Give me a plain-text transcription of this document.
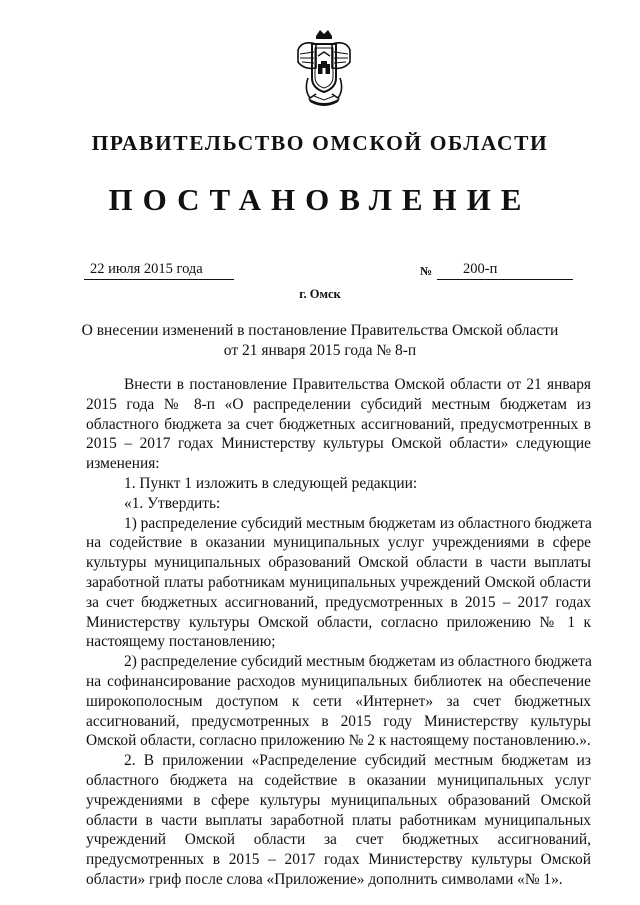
ПРАВИТЕЛЬСТВО ОМСКОЙ ОБЛАСТИ
ПОСТАНОВЛЕНИЕ
22 июля 2015 года	№ 200-п
г. Омск
О внесении изменений в постановление Правительства Омской области
от 21 января 2015 года № 8-п
Внести в постановление Правительства Омской области от 21 января
2015 года № 8-п «О распределении субсидий местным бюджетам из
областного бюджета за счет бюджетных ассигнований, предусмотренных в
2015 – 2017 годах Министерству культуры Омской области» следующие
изменения:
1. Пункт 1 изложить в следующей редакции:
«1. Утвердить:
1) распределение субсидий местным бюджетам из областного бюджета
на содействие в оказании муниципальных услуг учреждениями в сфере
культуры муниципальных образований Омской области в части выплаты
заработной платы работникам муниципальных учреждений Омской области
за счет бюджетных ассигнований, предусмотренных в 2015 – 2017 годах
Министерству культуры Омской области, согласно приложению № 1 к
настоящему постановлению;
2) распределение субсидий местным бюджетам из областного бюджета
на софинансирование расходов муниципальных библиотек на обеспечение
широкополосным доступом к сети «Интернет» за счет бюджетных
ассигнований, предусмотренных в 2015 году Министерству культуры
Омской области, согласно приложению № 2 к настоящему постановлению.».
2. В приложении «Распределение субсидий местным бюджетам из
областного бюджета на содействие в оказании муниципальных услуг
учреждениями в сфере культуры муниципальных образований Омской
области в части выплаты заработной платы работникам муниципальных
учреждений Омской области за счет бюджетных ассигнований,
предусмотренных в 2015 – 2017 годах Министерству культуры Омской
области» гриф после слова «Приложение» дополнить символами «№ 1».
